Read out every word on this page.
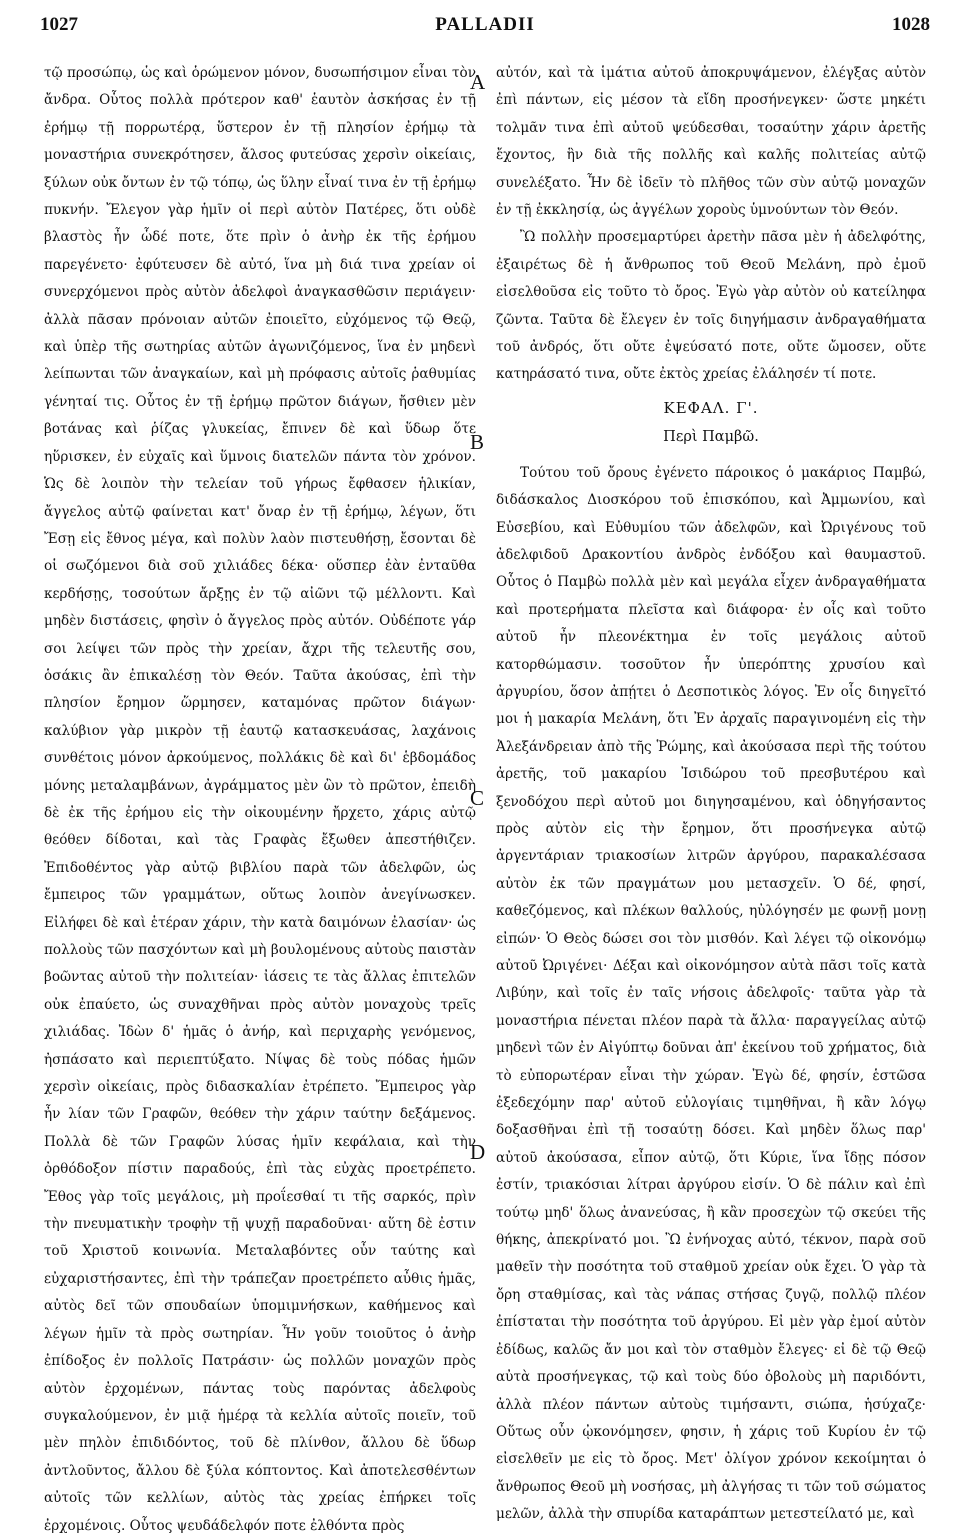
1027	PALLADII	1028
A
B
C
D

τῷ προσώπῳ, ὡς καὶ ὁρώμενον μόνον, δυσωπήσιμον εἶναι τὸν ἄνδρα. Οὗτος πολλὰ πρότερον καθ' ἑαυτὸν ἀσκήσας ἐν τῇ ἐρήμῳ τῇ πορρωτέρᾳ, ὕστερον ἐν τῇ πλησίον ἐρήμῳ τὰ μοναστήρια συνεκρότησεν, ἄλσος φυτεύσας χερσὶν οἰκείαις, ξύλων οὐκ ὄντων ἐν τῷ τόπῳ, ὡς ὕλην εἶναί τινα ἐν τῇ ἐρήμῳ πυκνήν. Ἔλεγον γὰρ ἡμῖν οἱ περὶ αὐτὸν Πατέρες, ὅτι οὐδὲ βλαστὸς ἦν ὧδέ ποτε, ὅτε πρὶν ὁ ἀνὴρ ἐκ τῆς ἐρήμου παρεγένετο· ἐφύτευσεν δὲ αὐτό, ἵνα μὴ διά τινα χρείαν οἱ συνερχόμενοι πρὸς αὐτὸν ἀδελφοὶ ἀναγκασθῶσιν περιάγειν· ἀλλὰ πᾶσαν πρόνοιαν αὐτῶν ἐποιεῖτο, εὐχόμενος τῷ Θεῷ, καὶ ὑπὲρ τῆς σωτηρίας αὐτῶν ἀγωνιζόμενος, ἵνα ἐν μηδενὶ λείπωνται τῶν ἀναγκαίων, καὶ μὴ πρόφασις αὐτοῖς ῥαθυμίας γένηταί τις. Οὗτος ἐν τῇ ἐρήμῳ πρῶτον διάγων, ἤσθιεν μὲν βοτάνας καὶ ῥίζας γλυκείας, ἔπινεν δὲ καὶ ὕδωρ ὅτε ηὕρισκεν, ἐν εὐχαῖς καὶ ὕμνοις διατελῶν πάντα τὸν χρόνον. Ὡς δὲ λοιπὸν τὴν τελείαν τοῦ γήρως ἔφθασεν ἡλικίαν, ἄγγελος αὐτῷ φαίνεται κατ' ὄναρ ἐν τῇ ἐρήμῳ, λέγων, ὅτι Ἔσῃ εἰς ἔθνος μέγα, καὶ πολὺν λαὸν πιστευθήσῃ, ἔσονται δὲ οἱ σωζόμενοι διὰ σοῦ χιλιάδες δέκα· οὕσπερ ἐὰν ἐνταῦθα κερδήσῃς, τοσούτων ἄρξῃς ἐν τῷ αἰῶνι τῷ μέλλοντι. Καὶ μηδὲν διστάσεις, φησὶν ὁ ἄγγελος πρὸς αὐτόν. Οὐδέποτε γάρ σοι λείψει τῶν πρὸς τὴν χρείαν, ἄχρι τῆς τελευτῆς σου, ὁσάκις ἂν ἐπικαλέσῃ τὸν Θεόν. Ταῦτα ἀκούσας, ἐπὶ τὴν πλησίον ἔρημον ὥρμησεν, καταμόνας πρῶτον διάγων· καλύβιον γὰρ μικρὸν τῇ ἑαυτῷ κατασκευάσας, λαχάνοις συνθέτοις μόνον ἀρκούμενος, πολλάκις δὲ καὶ δι' ἑβδομάδος μόνης μεταλαμβάνων, ἀγράμματος μὲν ὢν τὸ πρῶτον, ἐπειδὴ δὲ ἐκ τῆς ἐρήμου εἰς τὴν οἰκουμένην ἤρχετο, χάρις αὐτῷ θεόθεν δίδοται, καὶ τὰς Γραφὰς ἔξωθεν ἀπεστήθιζεν. Ἐπιδοθέντος γὰρ αὐτῷ βιβλίου παρὰ τῶν ἀδελφῶν, ὡς ἔμπειρος τῶν γραμμάτων, οὕτως λοιπὸν ἀνεγίνωσκεν. Εἰλήφει δὲ καὶ ἑτέραν χάριν, τὴν κατὰ δαιμόνων ἐλασίαν· ὡς πολλοὺς τῶν πασχόντων καὶ μὴ βουλομένους αὐτοὺς παιστὰν βοῶντας αὐτοῦ τὴν πολιτείαν· ἰάσεις τε τὰς ἄλλας ἐπιτελῶν οὐκ ἐπαύετο, ὡς συναχθῆναι πρὸς αὐτὸν μοναχοὺς τρεῖς χιλιάδας. Ἰδὼν δ' ἡμᾶς ὁ ἀνήρ, καὶ περιχαρὴς γενόμενος, ἠσπάσατο καὶ περιεπτύξατο. Νίψας δὲ τοὺς πόδας ἡμῶν χερσὶν οἰκείαις, πρὸς διδασκαλίαν ἐτρέπετο. Ἔμπειρος γὰρ ἦν λίαν τῶν Γραφῶν, θεόθεν τὴν χάριν ταύτην δεξάμενος. Πολλὰ δὲ τῶν Γραφῶν λύσας ἡμῖν κεφάλαια, καὶ τὴν ὀρθόδοξον πίστιν παραδούς, ἐπὶ τὰς εὐχὰς προετρέπετο. Ἔθος γὰρ τοῖς μεγάλοις, μὴ προΐεσθαί τι τῆς σαρκός, πρὶν τὴν πνευματικὴν τροφὴν τῇ ψυχῇ παραδοῦναι· αὕτη δὲ ἐστιν τοῦ Χριστοῦ κοινωνία. Μεταλαβόντες οὖν ταύτης καὶ εὐχαριστήσαντες, ἐπὶ τὴν τράπεζαν προετρέπετο αὖθις ἡμᾶς, αὐτὸς δεῖ τῶν σπουδαίων ὑπομιμνήσκων, καθήμενος καὶ λέγων ἡμῖν τὰ πρὸς σωτηρίαν. Ἦν γοῦν τοιοῦτος ὁ ἀνὴρ ἐπίδοξος ἐν πολλοῖς Πατράσιν· ὡς πολλῶν μοναχῶν πρὸς αὐτὸν ἐρχομένων, πάντας τοὺς παρόντας ἀδελφοὺς συγκαλούμενον, ἐν μιᾷ ἡμέρᾳ τὰ κελλία αὐτοῖς ποιεῖν, τοῦ μὲν πηλὸν ἐπιδιδόντος, τοῦ δὲ πλίνθον, ἄλλου δὲ ὕδωρ ἀντλοῦντος, ἄλλου δὲ ξύλα κόπτοντος. Καὶ ἀποτελεσθέντων αὐτοῖς τῶν κελλίων, αὐτὸς τὰς χρείας ἐπήρκει τοῖς ἐρχομένοις. Οὗτος ψευδάδελφόν ποτε ἐλθόντα πρὸς

αὐτόν, καὶ τὰ ἱμάτια αὐτοῦ ἀποκρυψάμενον, ἐλέγξας αὐτὸν ἐπὶ πάντων, εἰς μέσον τὰ εἴδη προσήνεγκεν· ὥστε μηκέτι τολμᾶν τινα ἐπὶ αὐτοῦ ψεύδεσθαι, τοσαύτην χάριν ἀρετῆς ἔχοντος, ἣν διὰ τῆς πολλῆς καὶ καλῆς πολιτείας αὐτῷ συνελέξατο. Ἦν δὲ ἰδεῖν τὸ πλῆθος τῶν σὺν αὐτῷ μοναχῶν ἐν τῇ ἐκκλησίᾳ, ὡς ἀγγέλων χοροὺς ὑμνούντων τὸν Θεόν.

Ὢ πολλὴν προσεμαρτύρει ἀρετὴν πᾶσα μὲν ἡ ἀδελφότης, ἐξαιρέτως δὲ ἡ ἄνθρωπος τοῦ Θεοῦ Μελάνη, πρὸ ἐμοῦ εἰσελθοῦσα εἰς τοῦτο τὸ ὄρος. Ἐγὼ γὰρ αὐτὸν οὐ κατείληφα ζῶντα. Ταῦτα δὲ ἔλεγεν ἐν τοῖς διηγήμασιν ἀνδραγαθήματα τοῦ ἀνδρός, ὅτι οὔτε ἐψεύσατό ποτε, οὔτε ὤμοσεν, οὔτε κατηράσατό τινα, οὔτε ἐκτὸς χρείας ἐλάλησέν τί ποτε.

ΚΕΦΑΛ. Γ'.
Περὶ Παμβῶ.

Τούτου τοῦ ὄρους ἐγένετο πάροικος ὁ μακάριος Παμβώ, διδάσκαλος Διοσκόρου τοῦ ἐπισκόπου, καὶ Ἀμμωνίου, καὶ Εὐσεβίου, καὶ Εὐθυμίου τῶν ἀδελφῶν, καὶ Ὠριγένους τοῦ ἀδελφιδοῦ Δρακοντίου ἀνδρὸς ἐνδόξου καὶ θαυμαστοῦ. Οὗτος ὁ Παμβὼ πολλὰ μὲν καὶ μεγάλα εἶχεν ἀνδραγαθήματα καὶ προτερήματα πλεῖστα καὶ διάφορα· ἐν οἷς καὶ τοῦτο αὐτοῦ ἦν πλεονέκτημα ἐν τοῖς μεγάλοις αὐτοῦ κατορθώμασιν. τοσοῦτον ἦν ὑπερόπτης χρυσίου καὶ ἀργυρίου, ὅσον ἀπῄτει ὁ Δεσποτικὸς λόγος. Ἐν οἷς διηγεῖτό μοι ἡ μακαρία Μελάνη, ὅτι Ἐν ἀρχαῖς παραγινομένη εἰς τὴν Ἀλεξάνδρειαν ἀπὸ τῆς Ῥώμης, καὶ ἀκούσασα περὶ τῆς τούτου ἀρετῆς, τοῦ μακαρίου Ἰσιδώρου τοῦ πρεσβυτέρου καὶ ξενοδόχου περὶ αὐτοῦ μοι διηγησαμένου, καὶ ὁδηγήσαντος πρὸς αὐτὸν εἰς τὴν ἔρημον, ὅτι προσήνεγκα αὐτῷ ἀργεντάριαν τριακοσίων λιτρῶν ἀργύρου, παρακαλέσασα αὐτὸν ἐκ τῶν πραγμάτων μου μετασχεῖν. Ὁ δέ, φησί, καθεζόμενος, καὶ πλέκων θαλλούς, ηὐλόγησέν με φωνῇ μονῃ εἰπών· Ὁ Θεὸς δώσει σοι τὸν μισθόν. Καὶ λέγει τῷ οἰκονόμῳ αὐτοῦ Ὠριγένει· Δέξαι καὶ οἰκονόμησον αὐτὰ πᾶσι τοῖς κατὰ Λιβύην, καὶ τοῖς ἐν ταῖς νήσοις ἀδελφοῖς· ταῦτα γὰρ τὰ μοναστήρια πένεται πλέον παρὰ τὰ ἄλλα· παραγγείλας αὐτῷ μηδενὶ τῶν ἐν Αἰγύπτῳ δοῦναι ἀπ' ἐκείνου τοῦ χρήματος, διὰ τὸ εὐπορωτέραν εἶναι τὴν χώραν. Ἐγὼ δέ, φησίν, ἑστῶσα ἐξεδεχόμην παρ' αὐτοῦ εὐλογίαις τιμηθῆναι, ἢ κἂν λόγῳ δοξασθῆναι ἐπὶ τῇ τοσαύτῃ δόσει. Καὶ μηδὲν ὅλως παρ' αὐτοῦ ἀκούσασα, εἶπον αὐτῷ, ὅτι Κύριε, ἵνα ἴδῃς πόσον ἐστίν, τριακόσιαι λίτραι ἀργύρου εἰσίν. Ὁ δὲ πάλιν καὶ ἐπὶ τούτῳ μηδ' ὅλως ἀνανεύσας, ἢ κἂν προσεχὼν τῷ σκεύει τῆς θήκης, ἀπεκρίνατό μοι. Ὢ ἐνήνοχας αὐτό, τέκνον, παρὰ σοῦ μαθεῖν τὴν ποσότητα τοῦ σταθμοῦ χρείαν οὐκ ἔχει. Ὁ γὰρ τὰ ὄρη σταθμίσας, καὶ τὰς νάπας στήσας ζυγῷ, πολλῷ πλέον ἐπίσταται τὴν ποσότητα τοῦ ἀργύρου. Εἰ μὲν γὰρ ἐμοί αὐτὸν ἐδίδως, καλῶς ἄν μοι καὶ τὸν σταθμὸν ἔλεγες· εἰ δὲ τῷ Θεῷ αὐτὰ προσήνεγκας, τῷ καὶ τοὺς δύο ὀβολοὺς μὴ παριδόντι, ἀλλὰ πλέον πάντων αὐτοὺς τιμήσαντι, σιώπα, ἡσύχαζε· Οὕτως οὖν ᾠκονόμησεν, φησιν, ἡ χάρις τοῦ Κυρίου ἐν τῷ εἰσελθεῖν με εἰς τὸ ὄρος. Μετ' ὀλίγον χρόνον κεκοίμηται ὁ ἄνθρωπος Θεοῦ μὴ νοσήσας, μὴ ἀλγήσας τι τῶν τοῦ σώματος μελῶν, ἀλλὰ τὴν σπυρίδα καταράπτων μετεστείλατό με, καὶ
